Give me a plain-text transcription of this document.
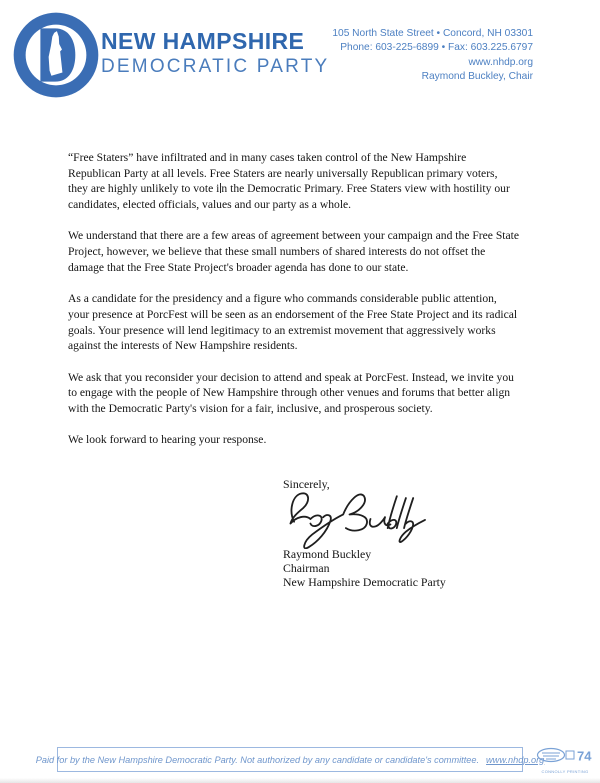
NEW HAMPSHIRE
DEMOCRATIC PARTY
105 North State Street • Concord, NH 03301
Phone: 603-225-6899 • Fax: 603.225.6797
www.nhdp.org
Raymond Buckley, Chair
“Free Staters” have infiltrated and in many cases taken control of the New Hampshire
Republican Party at all levels. Free Staters are nearly universally Republican primary voters,
they are highly unlikely to vote i n the Democratic Primary. Free Staters view with hostility our
candidates, elected officials, values and our party as a whole.
We understand that there are a few areas of agreement between your campaign and the Free State
Project, however, we believe that these small numbers of shared interests do not offset the
damage that the Free State Project's broader agenda has done to our state.
As a candidate for the presidency and a figure who commands considerable public attention,
your presence at PorcFest will be seen as an endorsement of the Free State Project and its radical
goals. Your presence will lend legitimacy to an extremist movement that aggressively works
against the interests of New Hampshire residents.
We ask that you reconsider your decision to attend and speak at PorcFest. Instead, we invite you
to engage with the people of New Hampshire through other venues and forums that better align
with the Democratic Party's vision for a fair, inclusive, and prosperous society.
We look forward to hearing your response.
Sincerely,
Raymond Buckley
Chairman
New Hampshire Democratic Party
Paid for by the New Hampshire Democratic Party. Not authorized by any candidate or candidate's committee. www.nhdp.org	74
CONNOLLY PRINTING
